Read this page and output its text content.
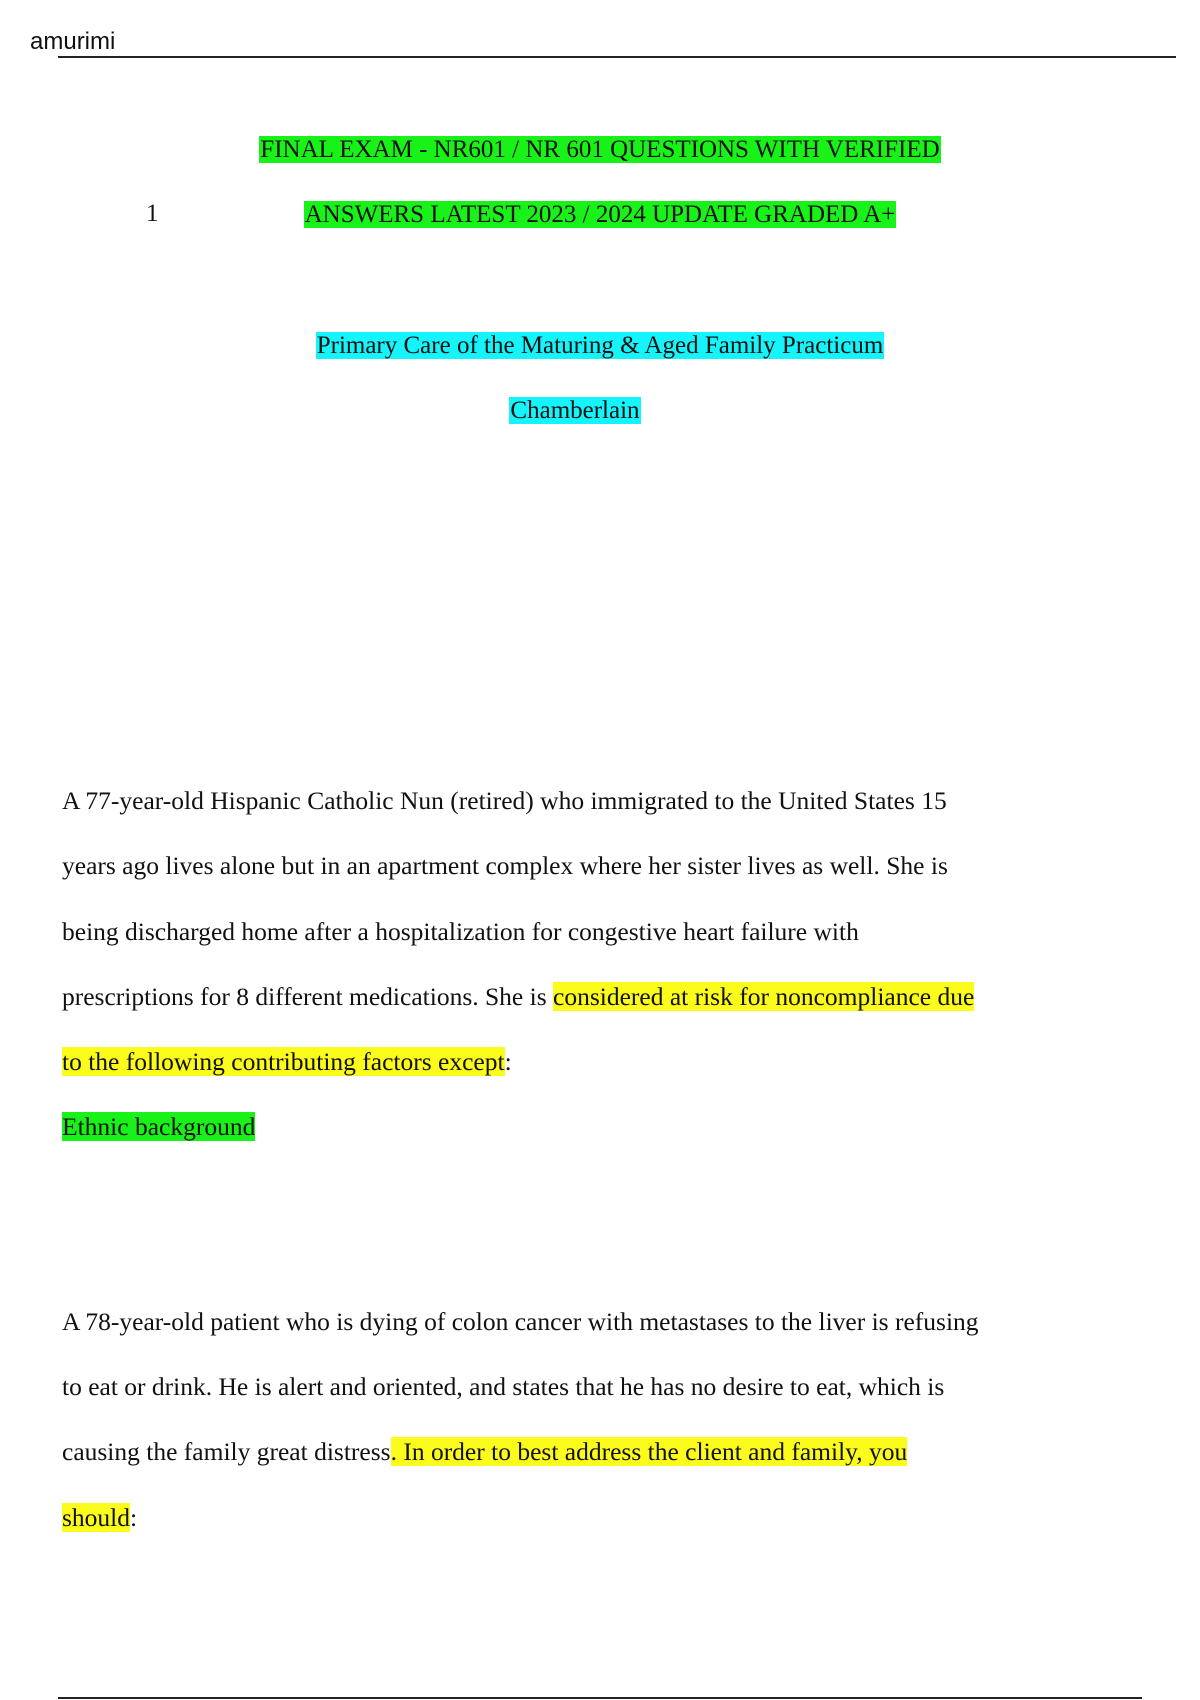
amurimi
1
FINAL EXAM - NR601 / NR 601 QUESTIONS WITH VERIFIED
ANSWERS LATEST 2023 / 2024 UPDATE GRADED A+
Primary Care of the Maturing & Aged Family Practicum
Chamberlain
A 77-year-old Hispanic Catholic Nun (retired) who immigrated to the United States 15
years ago lives alone but in an apartment complex where her sister lives as well. She is
being discharged home after a hospitalization for congestive heart failure with
prescriptions for 8 different medications. She is considered at risk for noncompliance due
to the following contributing factors except:
Ethnic background
A 78-year-old patient who is dying of colon cancer with metastases to the liver is refusing
to eat or drink. He is alert and oriented, and states that he has no desire to eat, which is
causing the family great distress. In order to best address the client and family, you
should:
